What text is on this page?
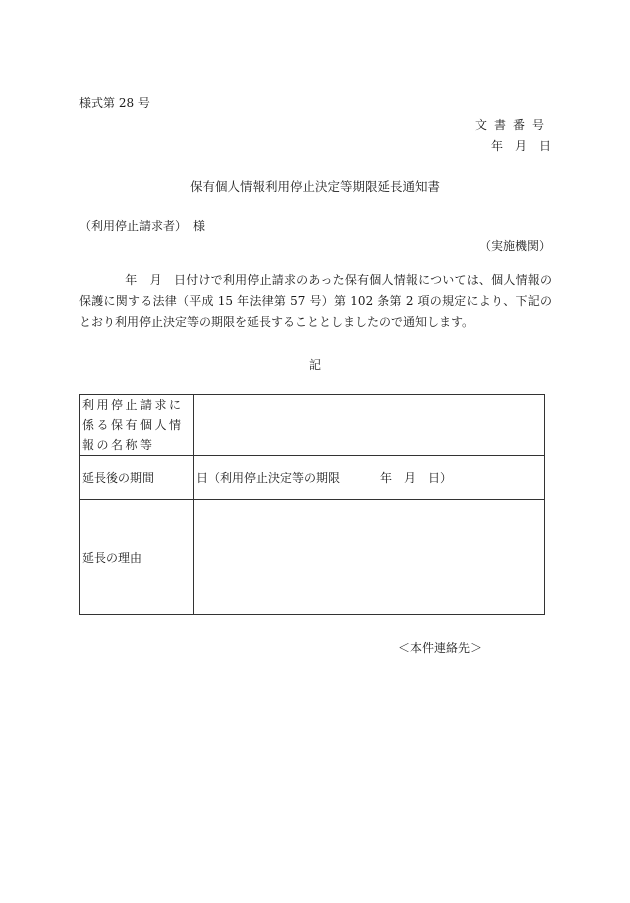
様式第 28 号
文書番号
年　月　日
保有個人情報利用停止決定等期限延長通知書
（利用停止請求者）　様
（実施機関）
年　月　日付けで利用停止請求のあった保有個人情報については、個人情報の保護に関する法律（平成 15 年法律第 57 号）第 102 条第 2 項の規定により、下記のとおり利用停止決定等の期限を延長することとしましたので通知します。
記
利用停止請求に係る保有個人情報の名称等	
延長後の期間	日（利用停止決定等の期限 年　月　日）
延長の理由	
＜本件連絡先＞
